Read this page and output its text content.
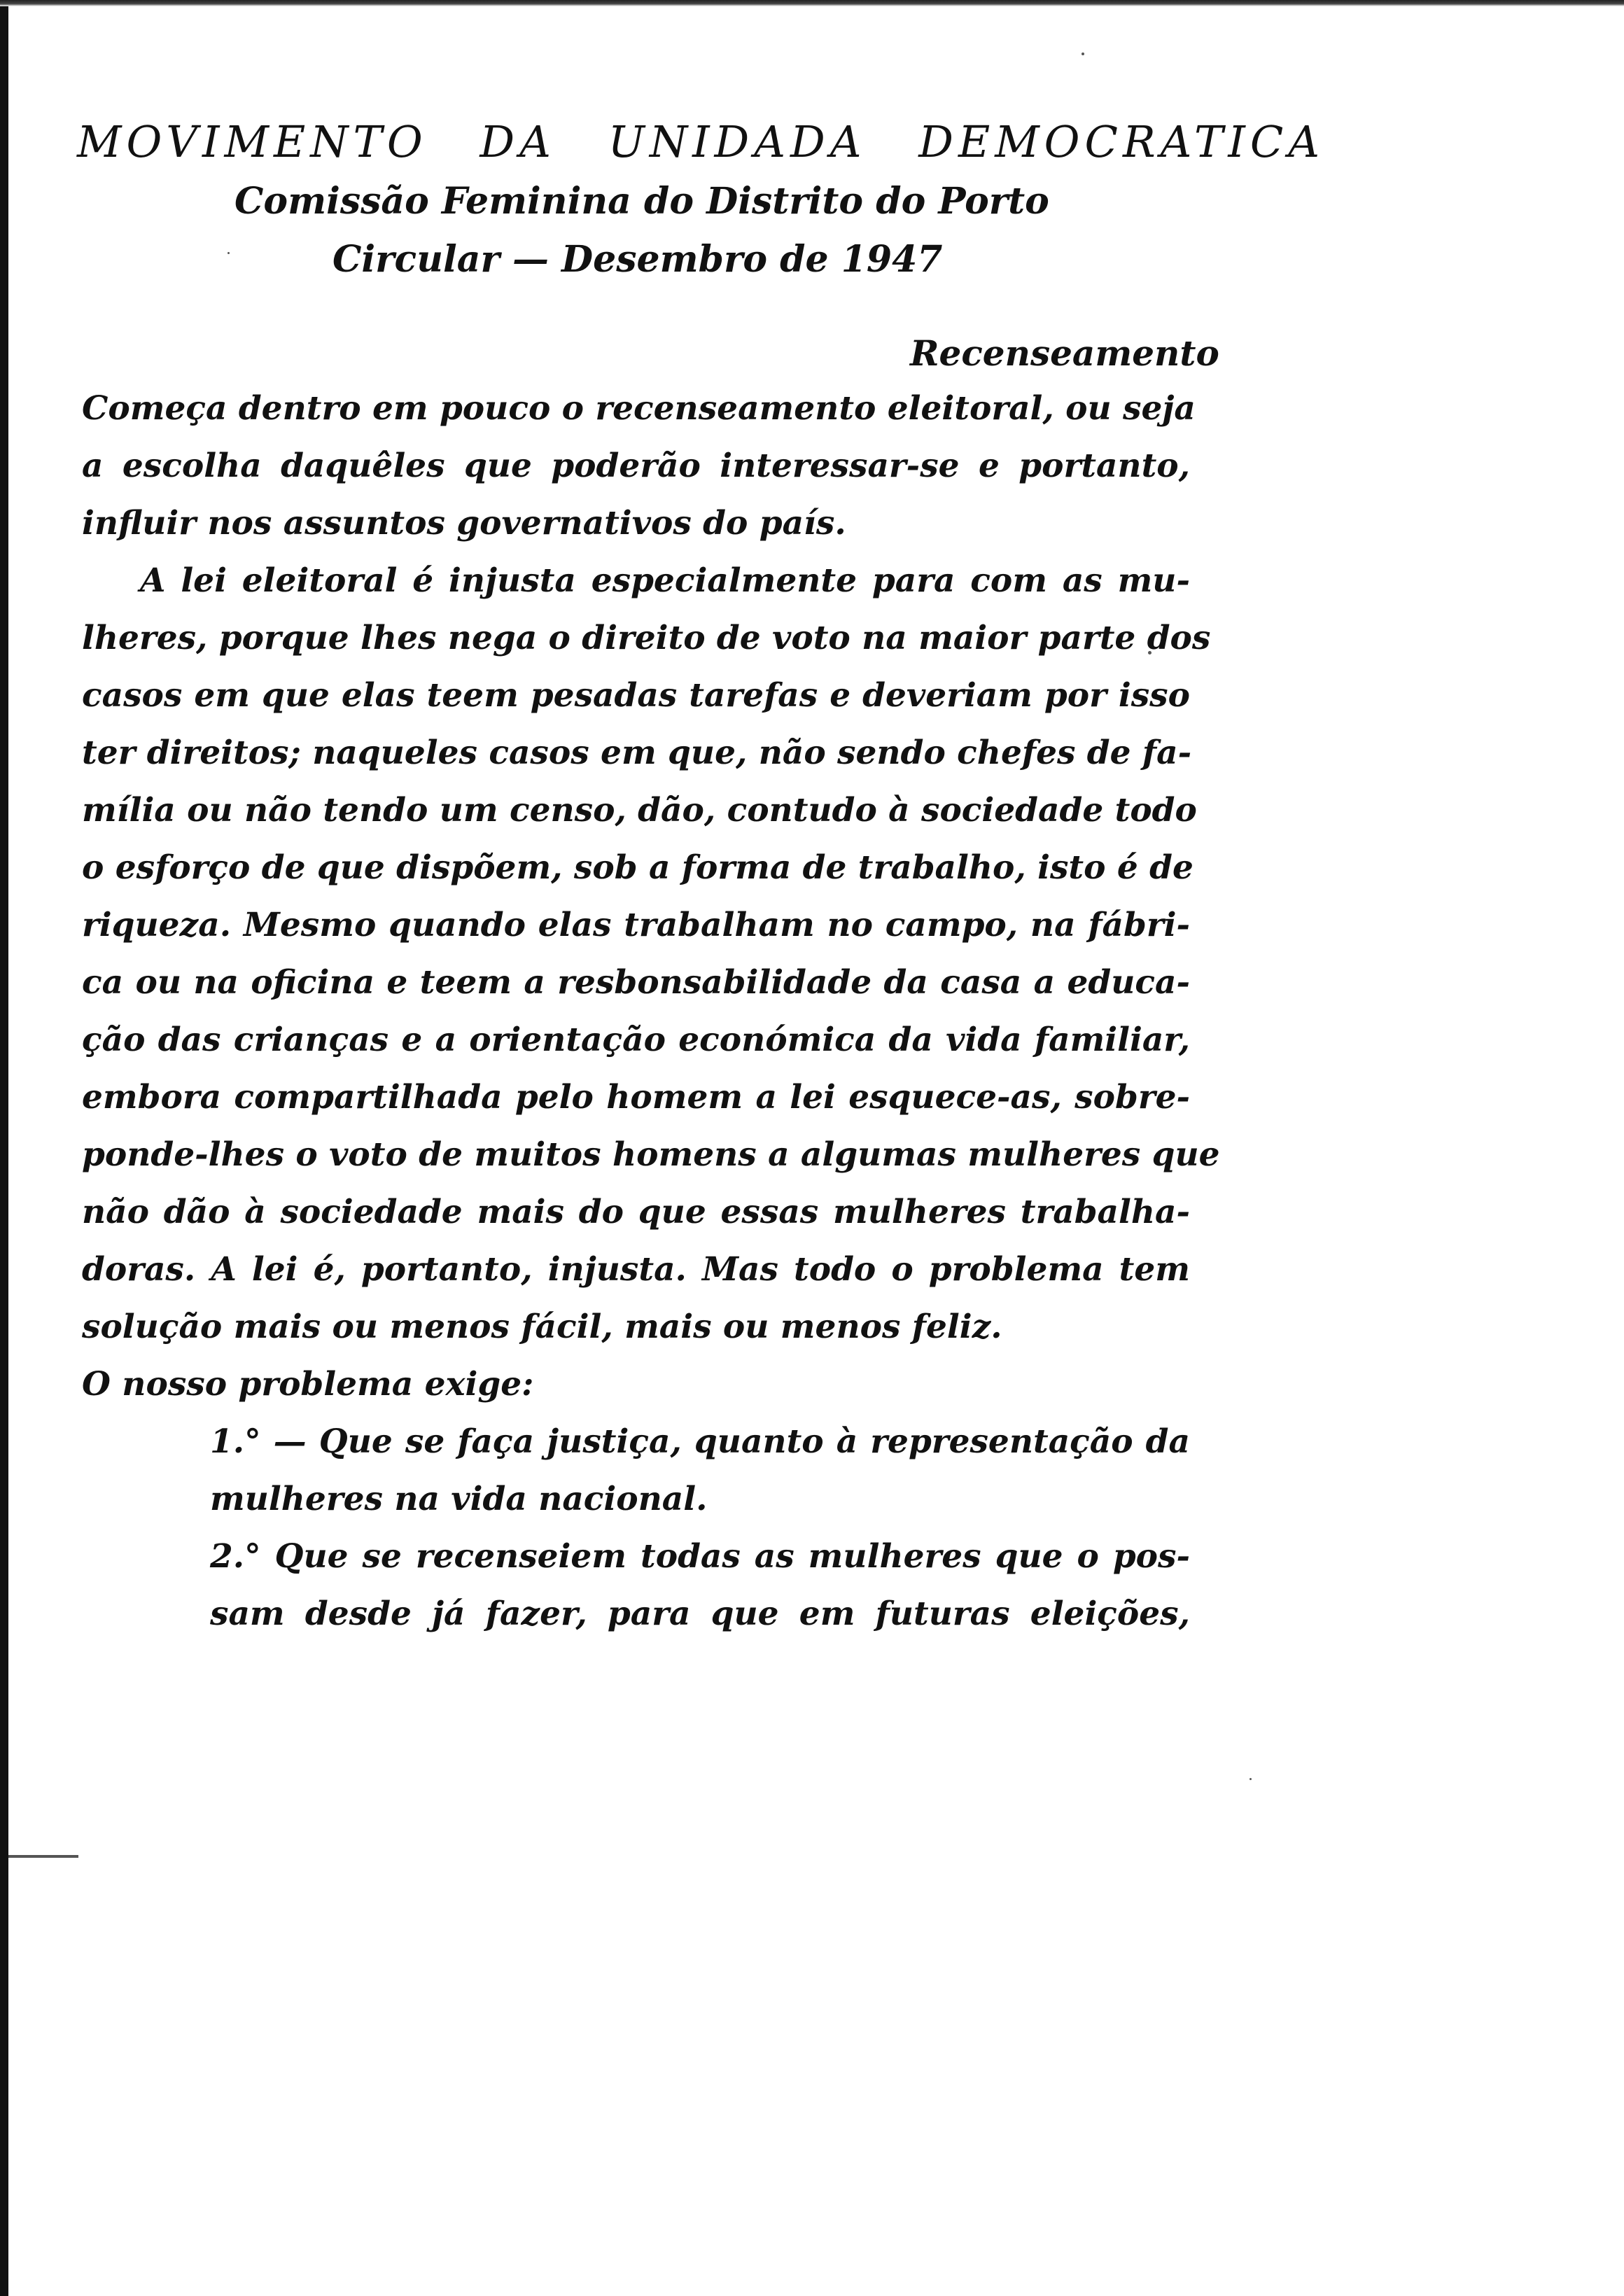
MOVIMENTO DA UNIDADA DEMOCRATICA
Comissão Feminina do Distrito do Porto
Circular — Desembro de 1947
Recenseamento
Começa dentro em pouco o recenseamento eleitoral, ou seja
a escolha daquêles que poderão interessar-se e portanto,
influir nos assuntos governativos do país.
A lei eleitoral é injusta especialmente para com as mu-
lheres, porque lhes nega o direito de voto na maior parte dos
casos em que elas teem pesadas tarefas e deveriam por isso
ter direitos; naqueles casos em que, não sendo chefes de fa-
mília ou não tendo um censo, dão, contudo à sociedade todo
o esforço de que dispõem, sob a forma de trabalho, isto é de
riqueza. Mesmo quando elas trabalham no campo, na fábri-
ca ou na oficina e teem a resbonsabilidade da casa a educa-
ção das crianças e a orientação económica da vida familiar,
embora compartilhada pelo homem a lei esquece-as, sobre-
ponde-lhes o voto de muitos homens a algumas mulheres que
não dão à sociedade mais do que essas mulheres trabalha-
doras. A lei é, portanto, injusta. Mas todo o problema tem
solução mais ou menos fácil, mais ou menos feliz.
O nosso problema exige:
1.° — Que se faça justiça, quanto à representação da
mulheres na vida nacional.
2.° Que se recenseiem todas as mulheres que o pos-
sam desde já fazer, para que em futuras eleições,
